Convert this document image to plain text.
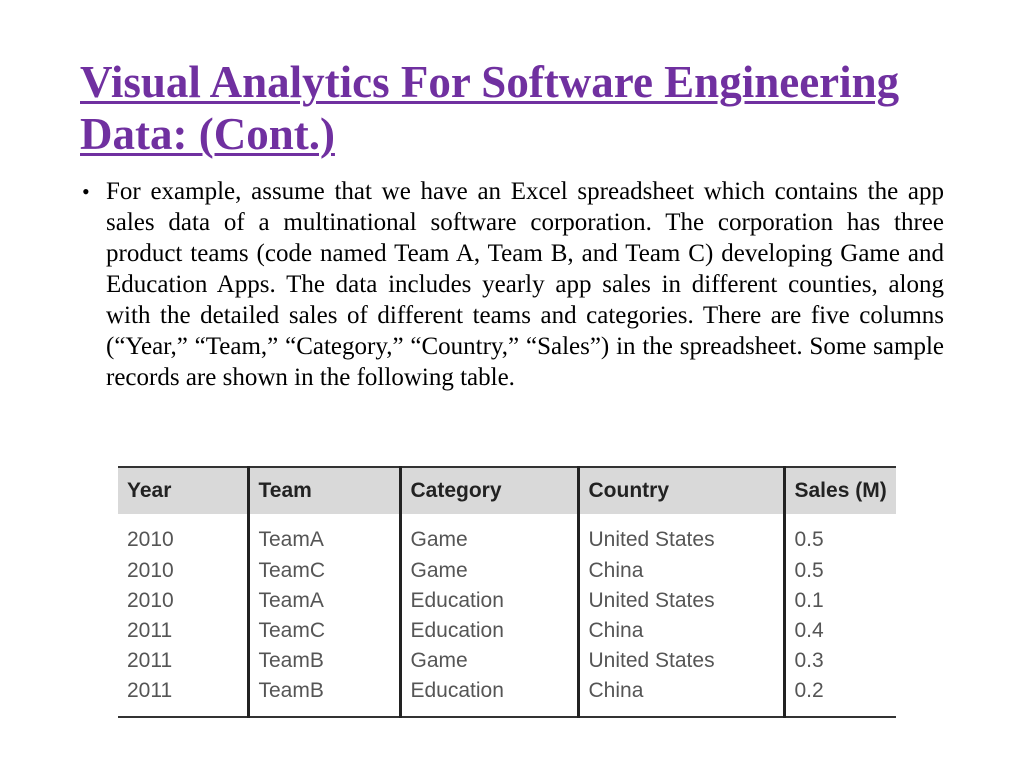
Visual Analytics For Software Engineering
Data: (Cont.)
• For example, assume that we have an Excel spreadsheet which contains the app sales data of a multinational software corporation. The corporation has three product teams (code named Team A, Team B, and Team C) developing Game and Education Apps. The data includes yearly app sales in different counties, along with the detailed sales of different teams and categories. There are five columns (“Year,” “Team,” “Category,” “Country,” “Sales”) in the spreadsheet. Some sample records are shown in the following table.
Year	Team	Category	Country	Sales (M)
2010	TeamA	Game	United States	0.5
2010	TeamC	Game	China	0.5
2010	TeamA	Education	United States	0.1
2011	TeamC	Education	China	0.4
2011	TeamB	Game	United States	0.3
2011	TeamB	Education	China	0.2
